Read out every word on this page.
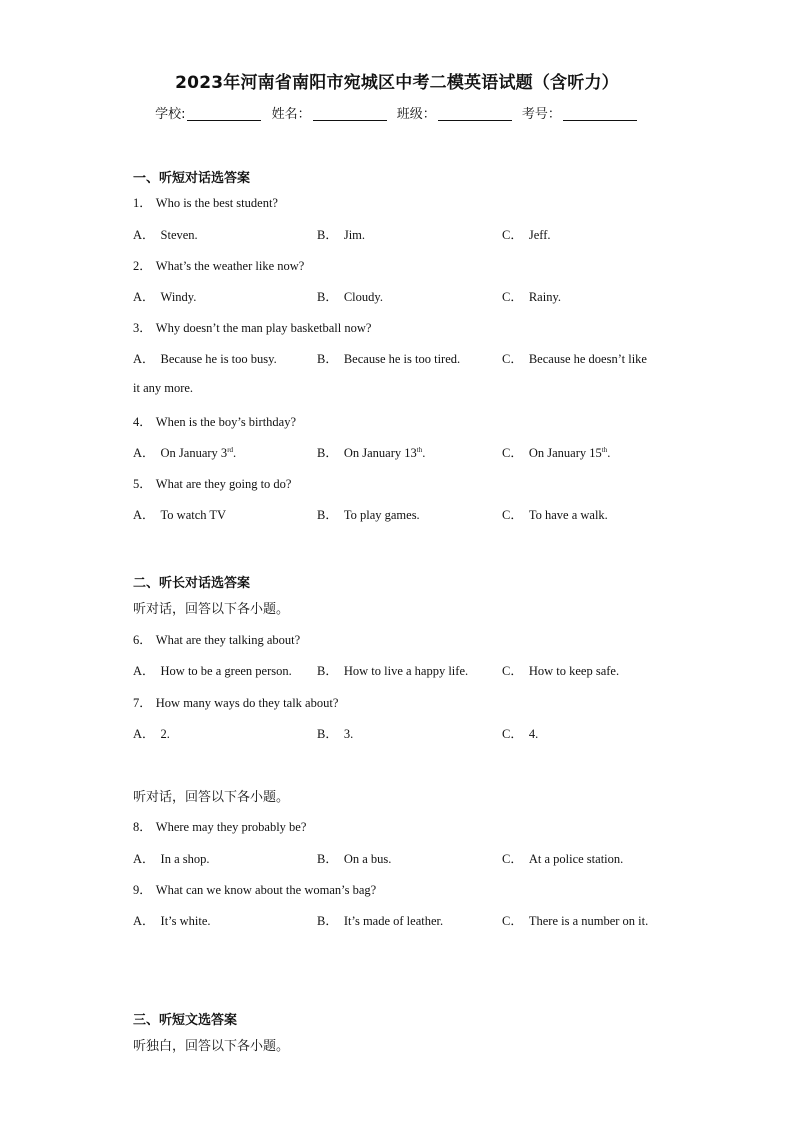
2023年河南省南阳市宛城区中考二模英语试题（含听力）
学校:	姓名：	班级：	考号：
一、听短对话选答案
1． Who is the best student?
A． Steven.	B． Jim.	C． Jeff.
2． What’s the weather like now?
A． Windy.	B． Cloudy.	C． Rainy.
3． Why doesn’t the man play basketball now?
A． Because he is too busy.	B． Because he is too tired.	C． Because he doesn’t like
it any more.
4． When is the boy’s birthday?
A． On January 3rd.	B． On January 13th.	C． On January 15th.
5． What are they going to do?
A． To watch TV	B． To play games.	C． To have a walk.
二、听长对话选答案
听对话，回答以下各小题。
6． What are they talking about?
A． How to be a green person. B． How to live a happy life.	C． How to keep safe.
7． How many ways do they talk about?
A． 2.	B． 3.	C． 4.
听对话，回答以下各小题。
8． Where may they probably be?
A． In a shop.	B． On a bus.	C． At a police station.
9． What can we know about the woman’s bag?
A． It’s white.	B． It’s made of leather.	C． There is a number on it.
三、听短文选答案
听独白，回答以下各小题。
